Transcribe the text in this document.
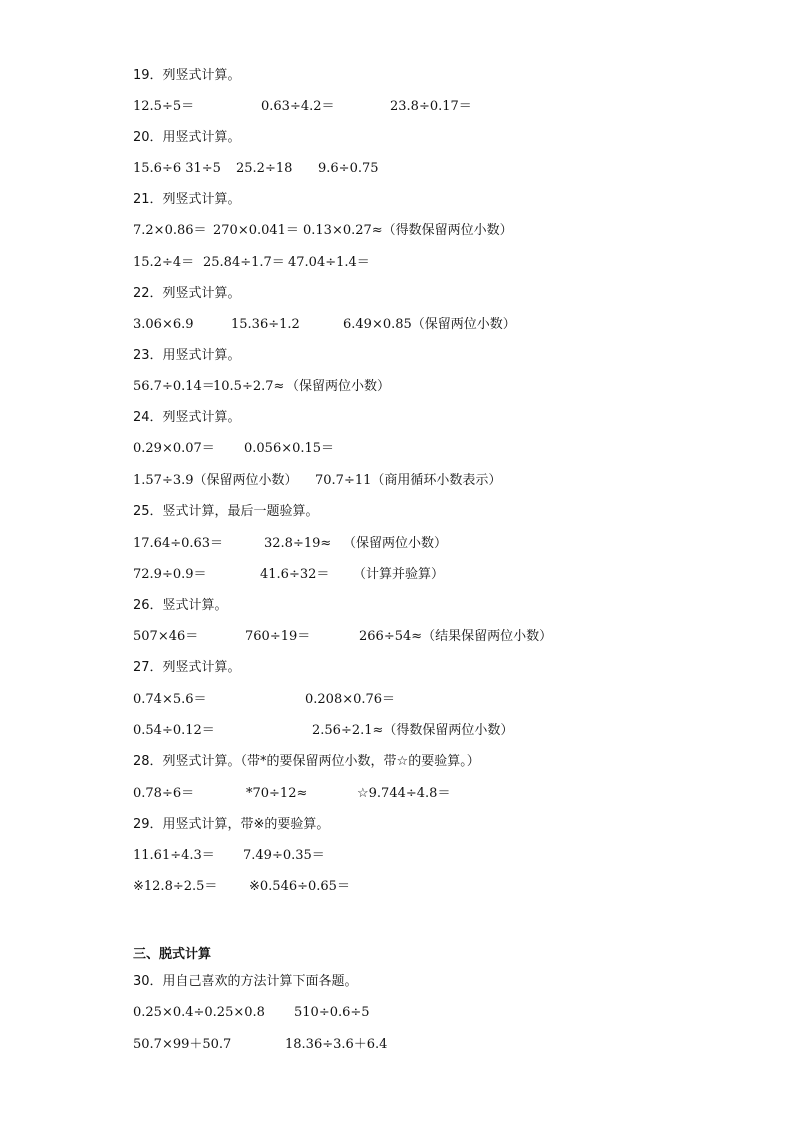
19．列竖式计算。
12.5÷5＝	0.63÷4.2＝	23.8÷0.17＝
20．用竖式计算。
15.6÷6 31÷5 25.2÷18 9.6÷0.75
21．列竖式计算。
7.2×0.86＝ 270×0.041＝ 0.13×0.27≈（得数保留两位小数）
15.2÷4＝ 25.84÷1.7＝ 47.04÷1.4＝
22．列竖式计算。
3.06×6.9	15.36÷1.2	6.49×0.85（保留两位小数）
23．用竖式计算。
56.7÷0.14＝
10.5÷2.7≈ （保留两位小数）
24．列竖式计算。
0.29×0.07＝ 0.056×0.15＝
1.57÷3.9（保留两位小数） 70.7÷11（商用循环小数表示）
25．竖式计算，最后一题验算。
17.64÷0.63＝	32.8÷19≈ （保留两位小数）
72.9÷0.9＝	41.6÷32＝ （计算并验算）
26．竖式计算。
507×46＝	760÷19＝	266÷54≈（结果保留两位小数）
27．列竖式计算。
0.74×5.6＝	0.208×0.76＝
0.54÷0.12＝	2.56÷2.1≈（得数保留两位小数）
28．列竖式计算。（带*的要保留两位小数，带☆的要验算。）
0.78÷6＝	*70÷12≈	☆9.744÷4.8＝
29．用竖式计算，带※的要验算。
11.61÷4.3＝ 7.49÷0.35＝
※12.8÷2.5＝ ※0.546÷0.65＝
三、脱式计算
30．用自己喜欢的方法计算下面各题。
0.25×0.4÷0.25×0.8 510÷0.6÷5
50.7×99＋50.7	18.36÷3.6＋6.4
